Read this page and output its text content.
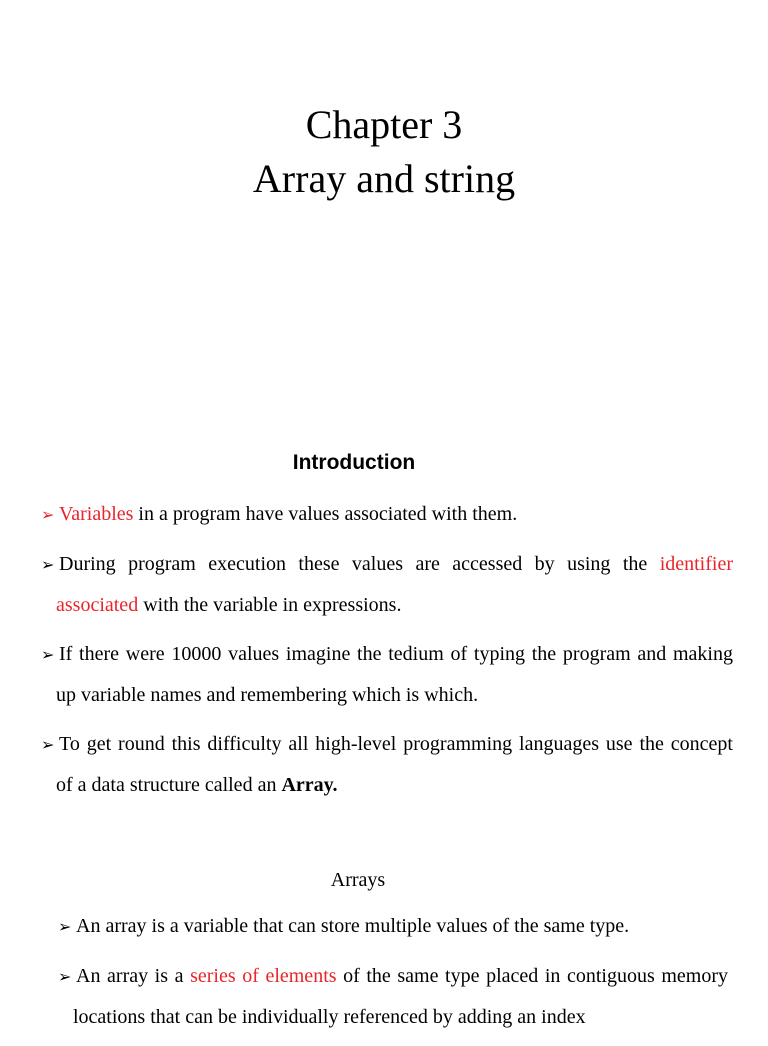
Chapter 3
Array and string
Introduction
➢ Variables in a program have values associated with them.
➢ During program execution these values are accessed by using the identifier associated with the variable in expressions.
➢ If there were 10000 values imagine the tedium of typing the program and making up variable names and remembering which is which.
➢ To get round this difficulty all high-level programming languages use the concept of a data structure called an Array.
Arrays
➢ An array is a variable that can store multiple values of the same type.
➢ An array is a series of elements of the same type placed in contiguous memory locations that can be individually referenced by adding an index
